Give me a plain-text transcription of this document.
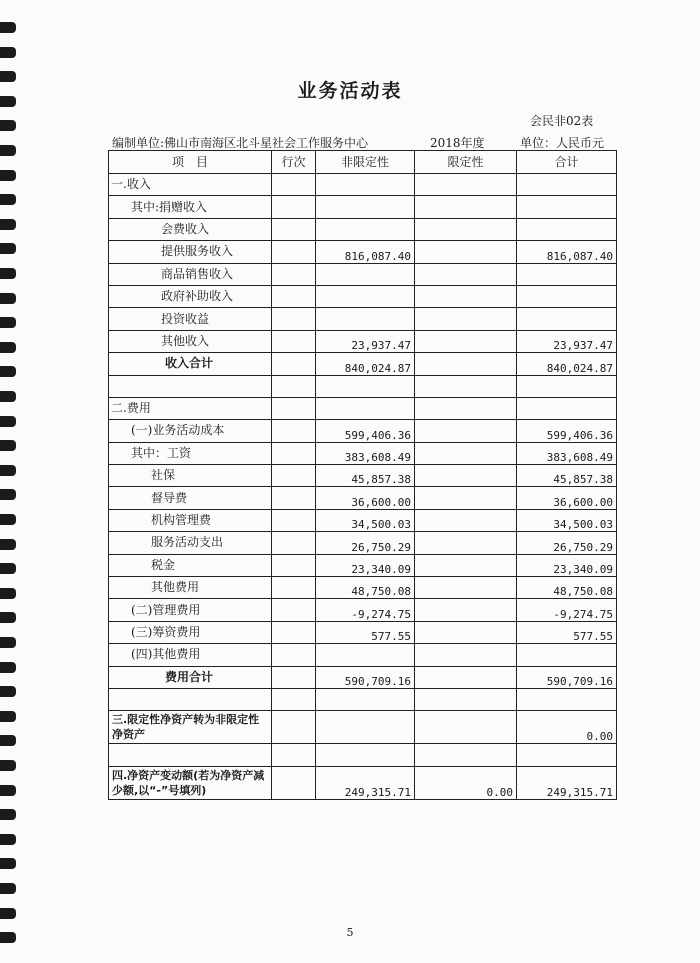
业务活动表
会民非02表
编制单位:佛山市南海区北斗星社会工作服务中心	2018年度	单位：人民币元
项　目	行次	非限定性	限定性	合计
一.收入				
其中:捐赠收入				
会费收入				
提供服务收入		816,087.40		816,087.40
商品销售收入				
政府补助收入				
投资收益				
其他收入		23,937.47		23,937.47
收入合计		840,024.87		840,024.87

二.费用				
(一)业务活动成本		599,406.36		599,406.36
其中：工资		383,608.49		383,608.49
社保		45,857.38		45,857.38
督导费		36,600.00		36,600.00
机构管理费		34,500.03		34,500.03
服务活动支出		26,750.29		26,750.29
税金		23,340.09		23,340.09
其他费用		48,750.08		48,750.08
(二)管理费用		-9,274.75		-9,274.75
(三)筹资费用		577.55		577.55
(四)其他费用				
费用合计		590,709.16		590,709.16

三.限定性净资产转为非限定性净资产				0.00

四.净资产变动额(若为净资产减少额,以“-”号填列)		249,315.71	0.00	249,315.71
5
